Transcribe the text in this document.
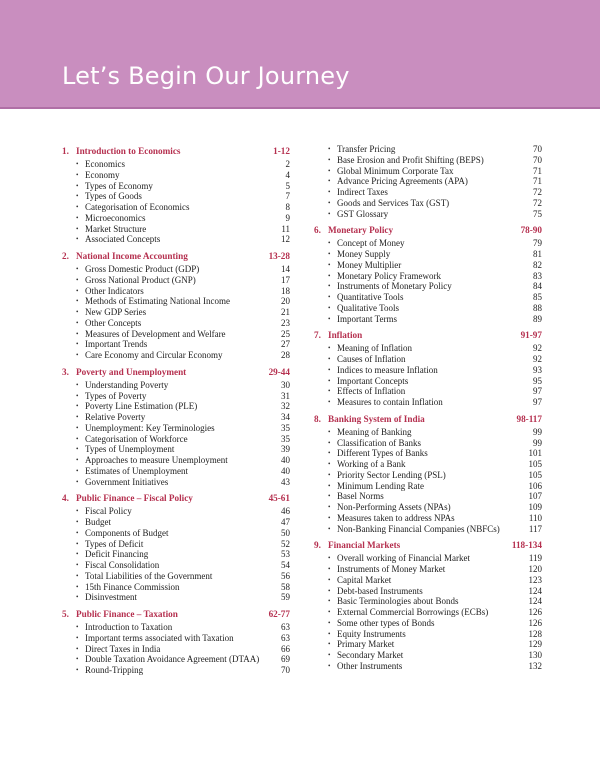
Let’s Begin Our Journey
1. Introduction to Economics	1-12
• Economics	2
• Economy	4
• Types of Economy	5
• Types of Goods	7
• Categorisation of Economics	8
• Microeconomics	9
• Market Structure	11
• Associated Concepts	12
2. National Income Accounting	13-28
• Gross Domestic Product (GDP)	14
• Gross National Product (GNP)	17
• Other Indicators	18
• Methods of Estimating National Income	20
• New GDP Series	21
• Other Concepts	23
• Measures of Development and Welfare	25
• Important Trends	27
• Care Economy and Circular Economy	28
3. Poverty and Unemployment	29-44
• Understanding Poverty	30
• Types of Poverty	31
• Poverty Line Estimation (PLE)	32
• Relative Poverty	34
• Unemployment: Key Terminologies	35
• Categorisation of Workforce	35
• Types of Unemployment	39
• Approaches to measure Unemployment	40
• Estimates of Unemployment	40
• Government Initiatives	43
4. Public Finance – Fiscal Policy	45-61
• Fiscal Policy	46
• Budget	47
• Components of Budget	50
• Types of Deficit	52
• Deficit Financing	53
• Fiscal Consolidation	54
• Total Liabilities of the Government	56
• 15th Finance Commission	58
• Disinvestment	59
5. Public Finance – Taxation	62-77
• Introduction to Taxation	63
• Important terms associated with Taxation	63
• Direct Taxes in India	66
• Double Taxation Avoidance Agreement (DTAA)	69
• Round-Tripping	70
• Transfer Pricing	70
• Base Erosion and Profit Shifting (BEPS)	70
• Global Minimum Corporate Tax	71
• Advance Pricing Agreements (APA)	71
• Indirect Taxes	72
• Goods and Services Tax (GST)	72
• GST Glossary	75
6. Monetary Policy	78-90
• Concept of Money	79
• Money Supply	81
• Money Multiplier	82
• Monetary Policy Framework	83
• Instruments of Monetary Policy	84
• Quantitative Tools	85
• Qualitative Tools	88
• Important Terms	89
7. Inflation	91-97
• Meaning of Inflation	92
• Causes of Inflation	92
• Indices to measure Inflation	93
• Important Concepts	95
• Effects of Inflation	97
• Measures to contain Inflation	97
8. Banking System of India	98-117
• Meaning of Banking	99
• Classification of Banks	99
• Different Types of Banks	101
• Working of a Bank	105
• Priority Sector Lending (PSL)	105
• Minimum Lending Rate	106
• Basel Norms	107
• Non-Performing Assets (NPAs)	109
• Measures taken to address NPAs	110
• Non-Banking Financial Companies (NBFCs)	117
9. Financial Markets	118-134
• Overall working of Financial Market	119
• Instruments of Money Market	120
• Capital Market	123
• Debt-based Instruments	124
• Basic Terminologies about Bonds	124
• External Commercial Borrowings (ECBs)	126
• Some other types of Bonds	126
• Equity Instruments	128
• Primary Market	129
• Secondary Market	130
• Other Instruments	132
